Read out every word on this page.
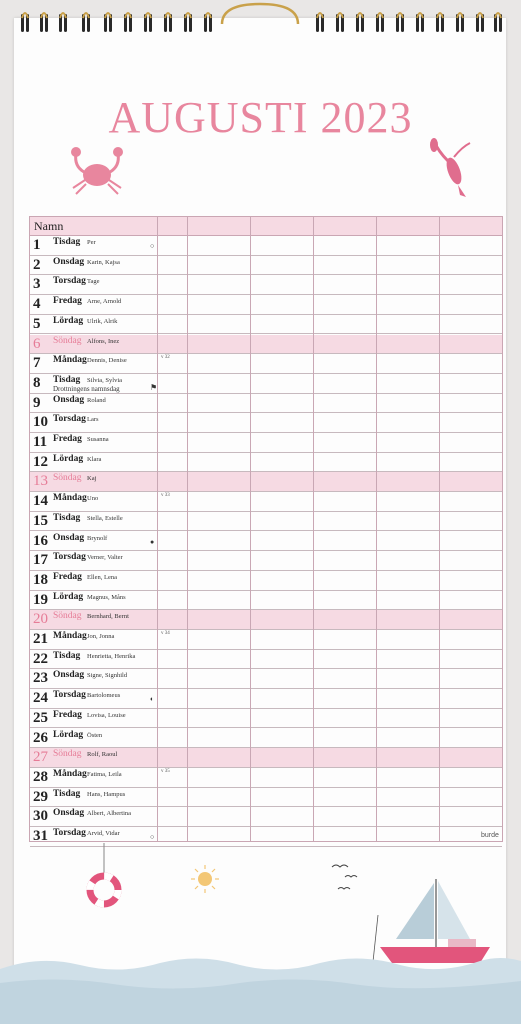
AUGUSTI 2023
Namn
1 Tisdag Per	○
2 Onsdag Karin, Kajsa
3 Torsdag Tage
4 Fredag Arne, Arnold
5 Lördag Ulrik, Alrik
6 Söndag Alfons, Inez
7 Måndag Dennis, Denise	v 32
8 Tisdag Silvia, Sylvia
Drottningens namnsdag	⚑
9 Onsdag Roland
10 Torsdag Lars
11 Fredag Susanna
12 Lördag Klara
13 Söndag Kaj
14 Måndag Uno	v 33
15 Tisdag Stella, Estelle
16 Onsdag Brynolf	●
17 Torsdag Verner, Valter
18 Fredag Ellen, Lena
19 Lördag Magnus, Måns
20 Söndag Bernhard, Bernt
21 Måndag Jon, Jonna	v 34
22 Tisdag Henrietta, Henrika
23 Onsdag Signe, Signhild
24 Torsdag Bartolomeus	◐
25 Fredag Lovisa, Louise
26 Lördag Östen
27 Söndag Rolf, Raoul
28 Måndag Fatima, Leila	v 35
29 Tisdag Hans, Hampus
30 Onsdag Albert, Albertina
31 Torsdag Arvid, Vidar	○	burde
